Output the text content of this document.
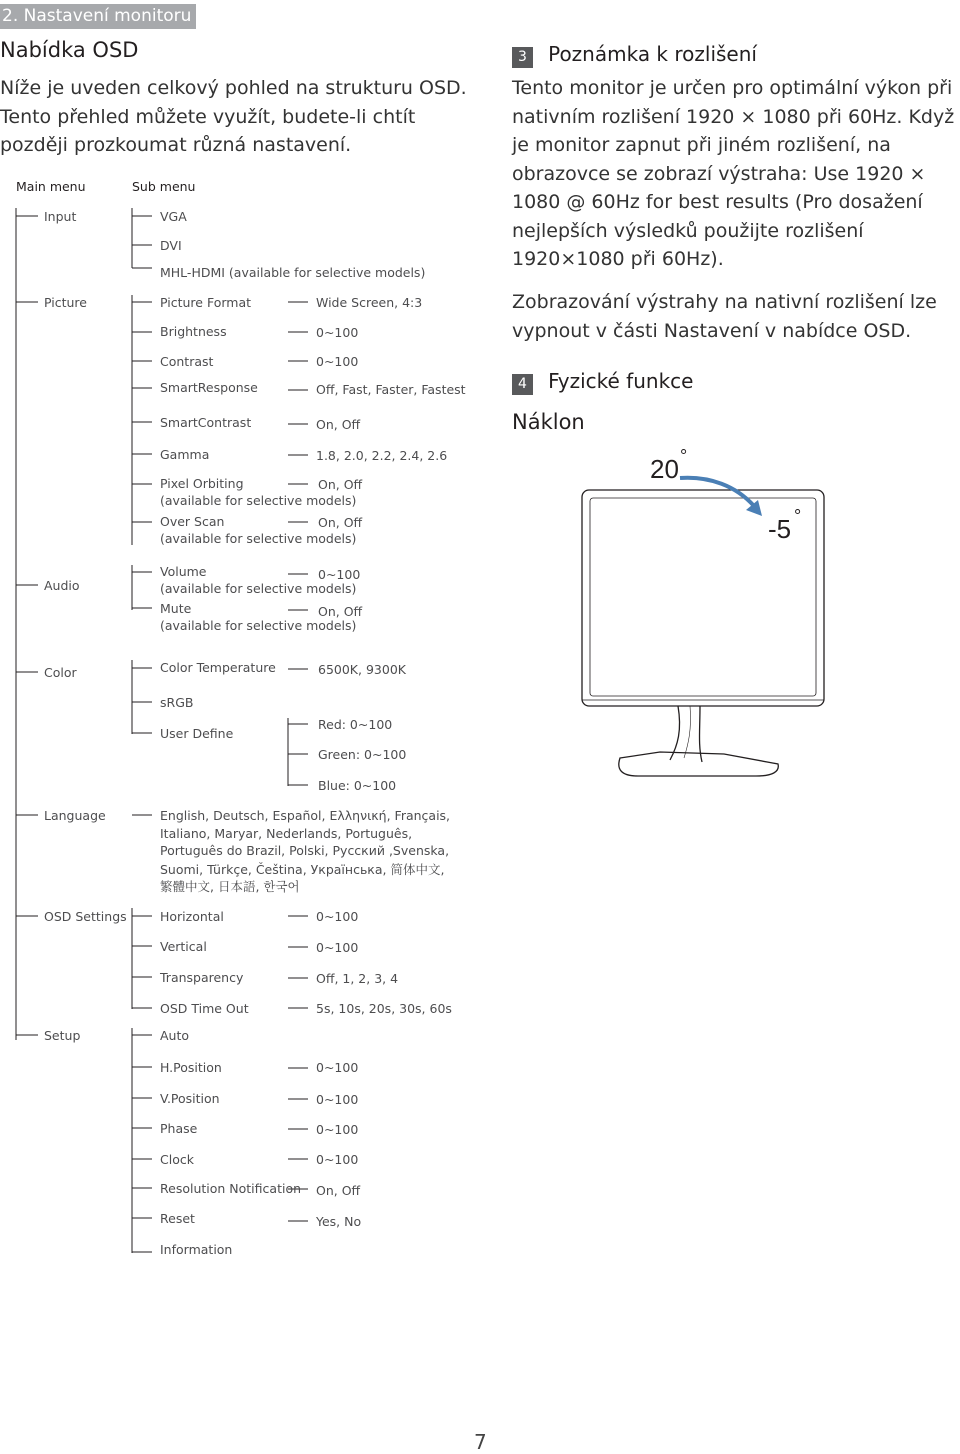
2. Nastavení monitoru
Nabídka OSD
Níže je uveden celkový pohled na strukturu OSD. Tento přehled můžete využít, budete-li chtít později prozkoumat různá nastavení.
Main menu	Sub menu
Input
Picture
Audio
Color
Language
OSD Settings
Setup
VGA
DVI
MHL-HDMI (available for selective models)
Picture Format
Brightness
Contrast
SmartResponse
SmartContrast
Gamma
Pixel Orbiting
(available for selective models)
Over Scan
(available for selective models)
Volume
(available for selective models)
Mute
(available for selective models)
Color Temperature
sRGB
User Define
English, Deutsch, Español, Ελληνική, Français,
Italiano, Maryar, Nederlands, Português,
Português do Brazil, Polski, Русский ,Svenska,
Suomi, Türkçe, Čeština, Українська, 简体中文,
繁體中文, 日本語, 한국어
Horizontal
Vertical
Transparency
OSD Time Out
Auto
H.Position
V.Position
Phase
Clock
Resolution Notification
Reset
Information
Wide Screen, 4:3
0~100
0~100
Off, Fast, Faster, Fastest
On, Off
1.8, 2.0, 2.2, 2.4, 2.6
On, Off
On, Off
0~100
On, Off
6500K, 9300K
Red: 0~100
Green: 0~100
Blue: 0~100
0~100
0~100
Off, 1, 2, 3, 4
5s, 10s, 20s, 30s, 60s
0~100
0~100
0~100
0~100
On, Off
Yes, No
3 Poznámka k rozlišení
Tento monitor je určen pro optimální výkon při nativním rozlišení 1920 × 1080 při 60Hz. Když je monitor zapnut při jiném rozlišení, na obrazovce se zobrazí výstraha: Use 1920 × 1080 @ 60Hz for best results (Pro dosažení nejlepších výsledků použijte rozlišení 1920×1080 při 60Hz).
Zobrazování výstrahy na nativní rozlišení lze vypnout v části Nastavení v nabídce OSD.
4 Fyzické funkce
Náklon
20 °
-5 °
7
